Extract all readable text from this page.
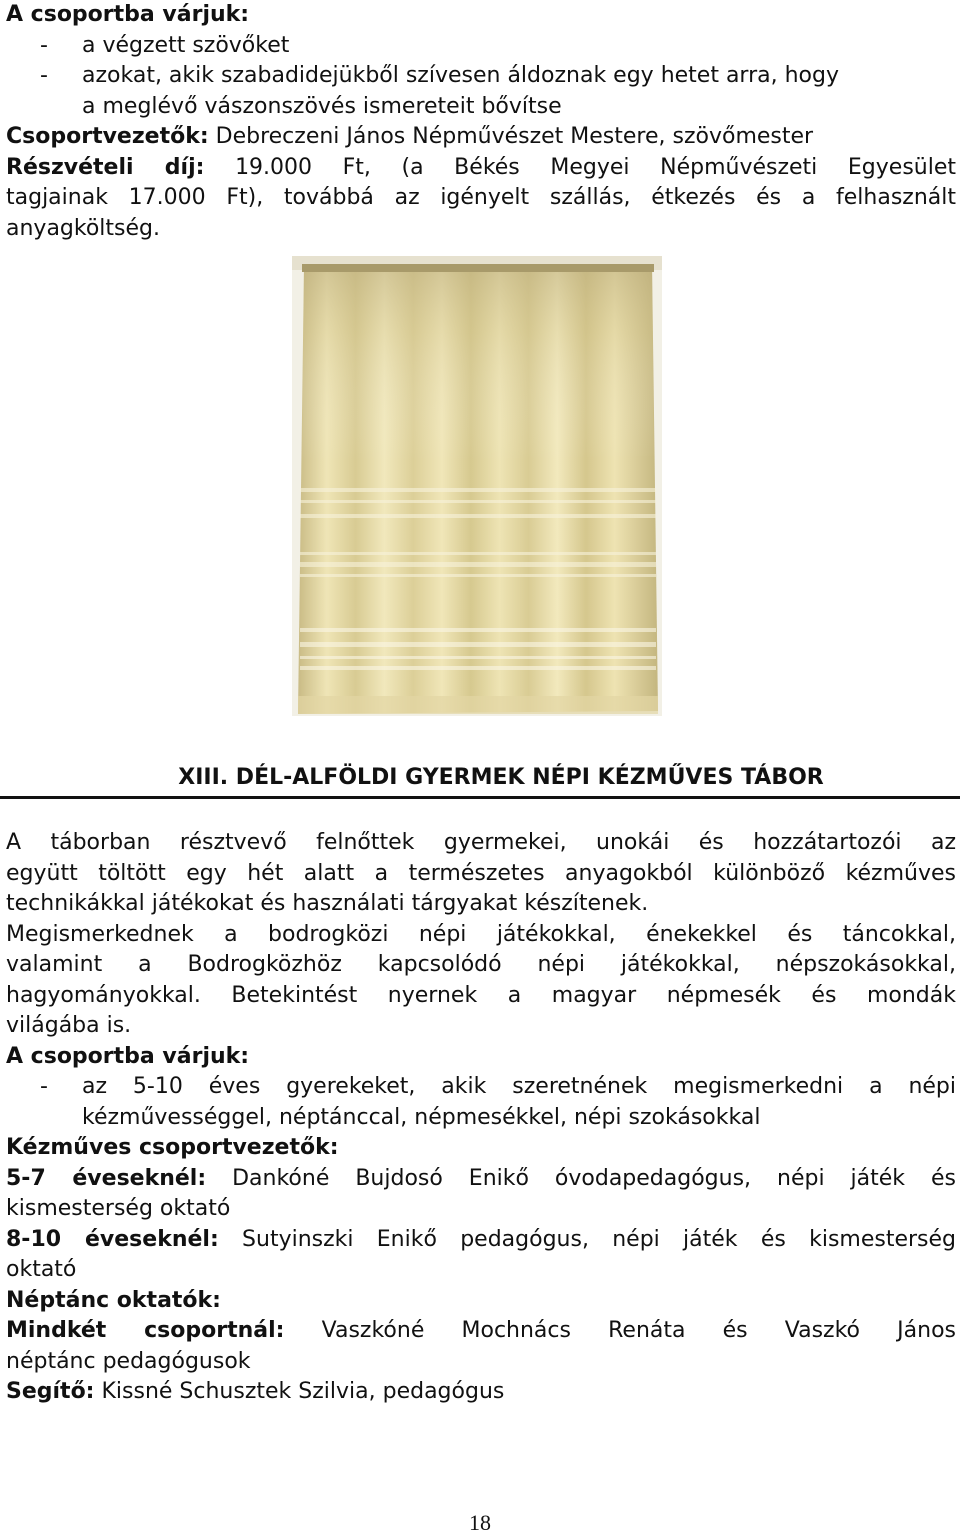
A csoportba várjuk:
- a végzett szövőket
- azokat, akik szabadidejükből szívesen áldoznak egy hetet arra, hogy
a meglévő vászonszövés ismereteit bővítse
Csoportvezetők: Debreczeni János Népművészet Mestere, szövőmester
Részvételi díj: 19.000 Ft, (a Békés Megyei Népművészeti Egyesület
tagjainak 17.000 Ft), továbbá az igényelt szállás, étkezés és a felhasznált
anyagköltség.
XIII. DÉL-ALFÖLDI GYERMEK NÉPI KÉZMŰVES TÁBOR
A táborban résztvevő felnőttek gyermekei, unokái és hozzátartozói az
együtt töltött egy hét alatt a természetes anyagokból különböző kézműves
technikákkal játékokat és használati tárgyakat készítenek.
Megismerkednek a bodrogközi népi játékokkal, énekekkel és táncokkal,
valamint a Bodrogközhöz kapcsolódó népi játékokkal, népszokásokkal,
hagyományokkal. Betekintést nyernek a magyar népmesék és mondák
világába is.
A csoportba várjuk:
- az 5-10 éves gyerekeket, akik szeretnének megismerkedni a népi
kézművességgel, néptánccal, népmesékkel, népi szokásokkal
Kézműves csoportvezetők:
5-7 éveseknél: Dankóné Bujdosó Enikő óvodapedagógus, népi játék és
kismesterség oktató
8-10 éveseknél: Sutyinszki Enikő pedagógus, népi játék és kismesterség
oktató
Néptánc oktatók:
Mindkét csoportnál: Vaszkóné Mochnács Renáta és Vaszkó János
néptánc pedagógusok
Segítő: Kissné Schusztek Szilvia, pedagógus
18
